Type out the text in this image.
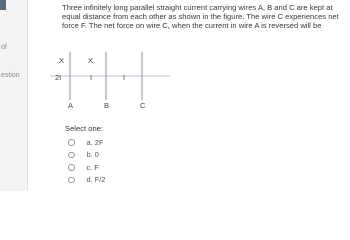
of
estion
Three infinitely long parallel straight current carrying wires A, B and C are kept at equal distance from each other as shown in the figure. The wire C experiences net force F. The net force on wire C, when the current in wire A is reversed will be
X	X
2I	I	I
A	B	C
Select one:
a. 2F
b. 0
c. F
d. F/2
